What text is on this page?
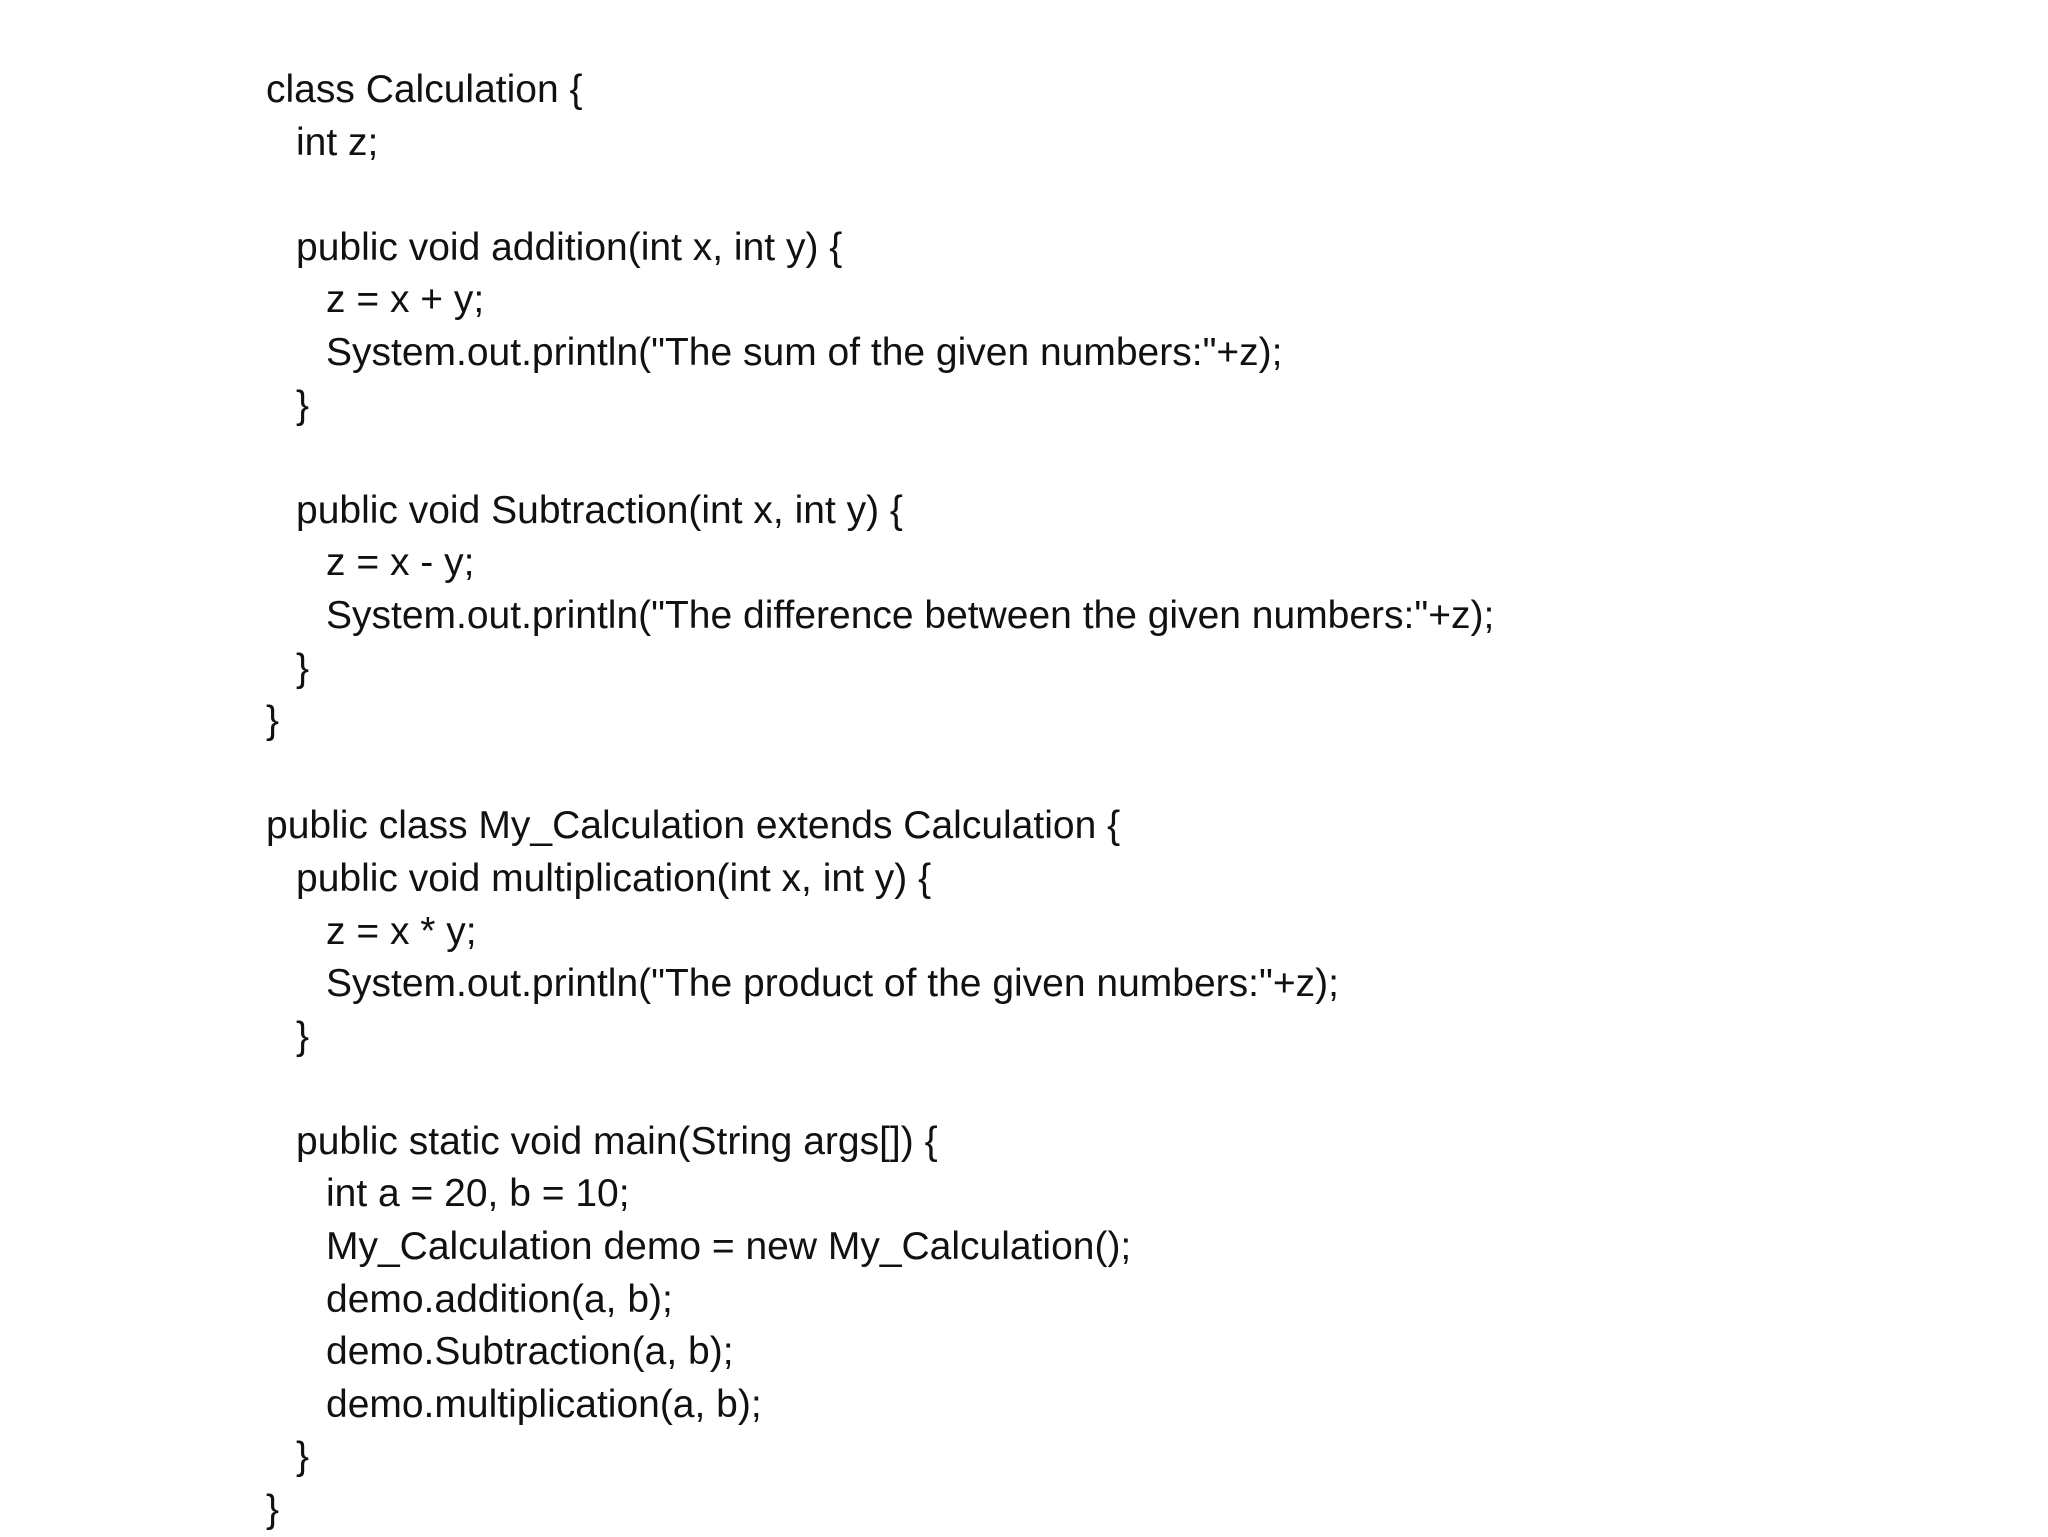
class Calculation {
int z;
public void addition(int x, int y) {
z = x + y;
System.out.println("The sum of the given numbers:"+z);
}
public void Subtraction(int x, int y) {
z = x - y;
System.out.println("The difference between the given numbers:"+z);
}
}
public class My_Calculation extends Calculation {
public void multiplication(int x, int y) {
z = x * y;
System.out.println("The product of the given numbers:"+z);
}
public static void main(String args[]) {
int a = 20, b = 10;
My_Calculation demo = new My_Calculation();
demo.addition(a, b);
demo.Subtraction(a, b);
demo.multiplication(a, b);
}
}
